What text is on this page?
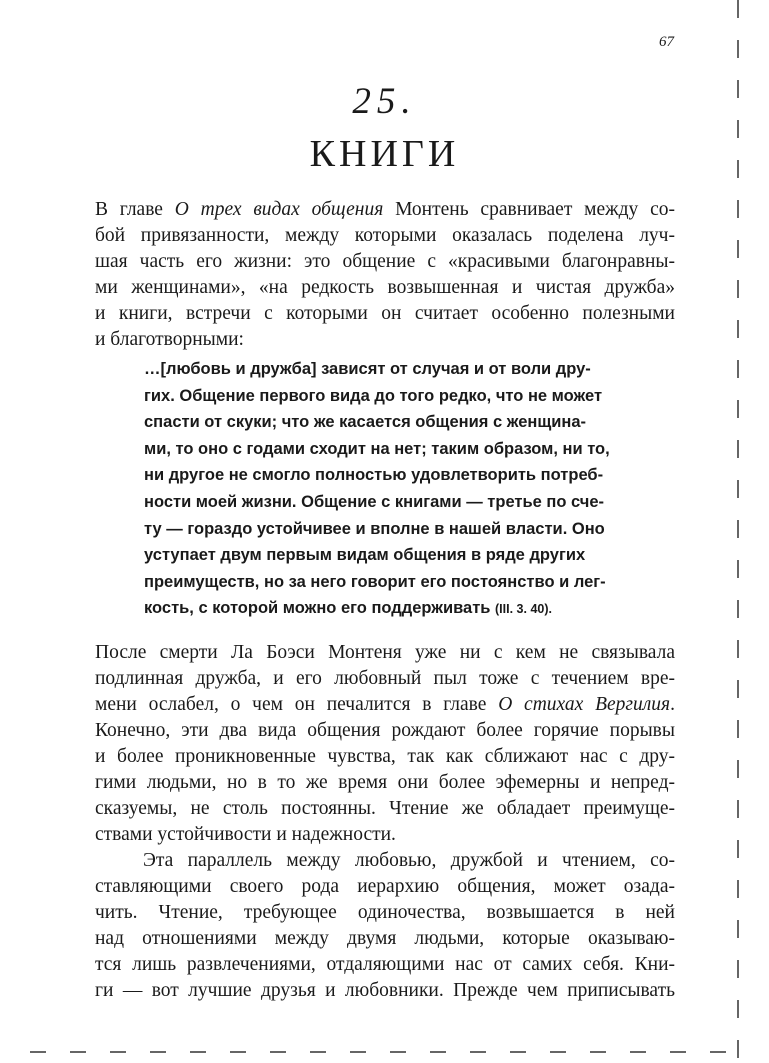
67
25.
КНИГИ
В главе О трех видах общения Монтень сравнивает между со-
бой привязанности, между которыми оказалась поделена луч-
шая часть его жизни: это общение с «красивыми благонравны-
ми женщинами», «на редкость возвышенная и чистая дружба»
и книги, встречи с которыми он считает особенно полезными
и благотворными:
…[любовь и дружба] зависят от случая и от воли дру-
гих. Общение первого вида до того редко, что не может
спасти от скуки; что же касается общения с женщина-
ми, то оно с годами сходит на нет; таким образом, ни то,
ни другое не смогло полностью удовлетворить потреб-
ности моей жизни. Общение с книгами — третье по сче-
ту — гораздо устойчивее и вполне в нашей власти. Оно
уступает двум первым видам общения в ряде других
преимуществ, но за него говорит его постоянство и лег-
кость, с которой можно его поддерживать (III. 3. 40).
После смерти Ла Боэси Монтеня уже ни с кем не связывала
подлинная дружба, и его любовный пыл тоже с течением вре-
мени ослабел, о чем он печалится в главе О стихах Вергилия.
Конечно, эти два вида общения рождают более горячие порывы
и более проникновенные чувства, так как сближают нас с дру-
гими людьми, но в то же время они более эфемерны и непред-
сказуемы, не столь постоянны. Чтение же обладает преимуще-
ствами устойчивости и надежности.
Эта параллель между любовью, дружбой и чтением, со-
ставляющими своего рода иерархию общения, может озада-
чить. Чтение, требующее одиночества, возвышается в ней
над отношениями между двумя людьми, которые оказываю-
тся лишь развлечениями, отдаляющими нас от самих себя. Кни-
ги — вот лучшие друзья и любовники. Прежде чем приписывать
